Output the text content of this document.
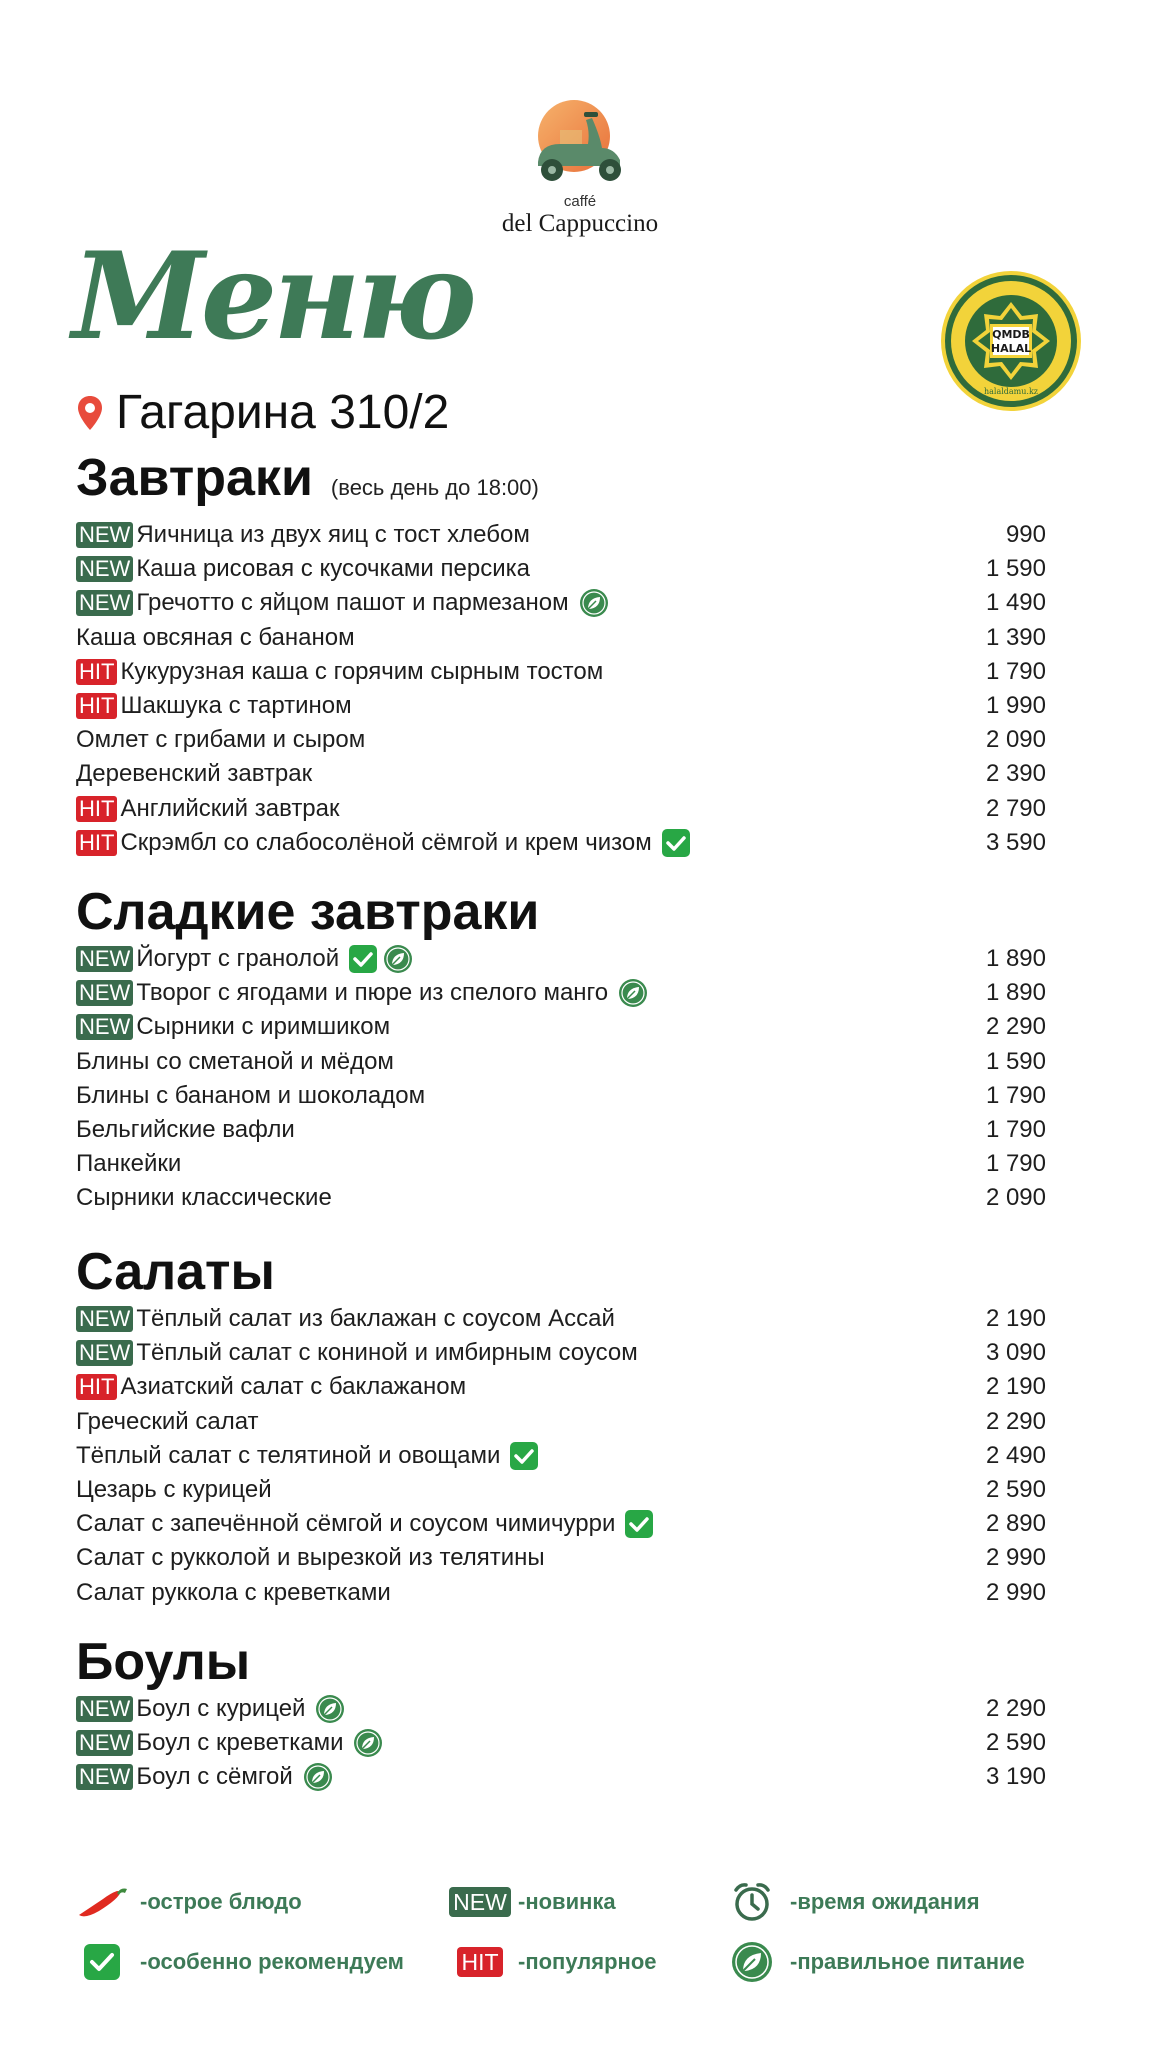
caffé
del Cappuccino
Меню	QMDB
HALAL
halaldamu.kz
Гагарина 310/2
Завтраки (весь день до 18:00)
NEW Яичница из двух яиц с тост хлебом	990
NEW Каша рисовая с кусочками персика	1 590
NEW Гречотто с яйцом пашот и пармезаном	1 490
Каша овсяная с бананом	1 390
HIT Кукурузная каша с горячим сырным тостом	1 790
HIT Шакшука с тартином	1 990
Омлет с грибами и сыром	2 090
Деревенский завтрак	2 390
HIT Английский завтрак	2 790
HIT Скрэмбл со слабосолёной сёмгой и крем чизом	3 590
Сладкие завтраки
NEW Йогурт с гранолой	1 890
NEW Творог с ягодами и пюре из спелого манго	1 890
NEW Сырники с иримшиком	2 290
Блины со сметаной и мёдом	1 590
Блины с бананом и шоколадом	1 790
Бельгийские вафли	1 790
Панкейки	1 790
Сырники классические	2 090
Салаты
NEW Тёплый салат из баклажан с соусом Ассай	2 190
NEW Тёплый салат с кониной и имбирным соусом	3 090
HIT Азиатский салат с баклажаном	2 190
Греческий салат	2 290
Тёплый салат с телятиной и овощами	2 490
Цезарь с курицей	2 590
Салат с запечённой сёмгой и соусом чимичурри	2 890
Салат с рукколой и вырезкой из телятины	2 990
Салат руккола с креветками	2 990
Боулы
NEW Боул с курицей	2 290
NEW Боул с креветками	2 590
NEW Боул с сёмгой	3 190
-острое блюдо	NEW -новинка	-время ожидания
-особенно рекомендуем	HIT -популярное	-правильное питание
